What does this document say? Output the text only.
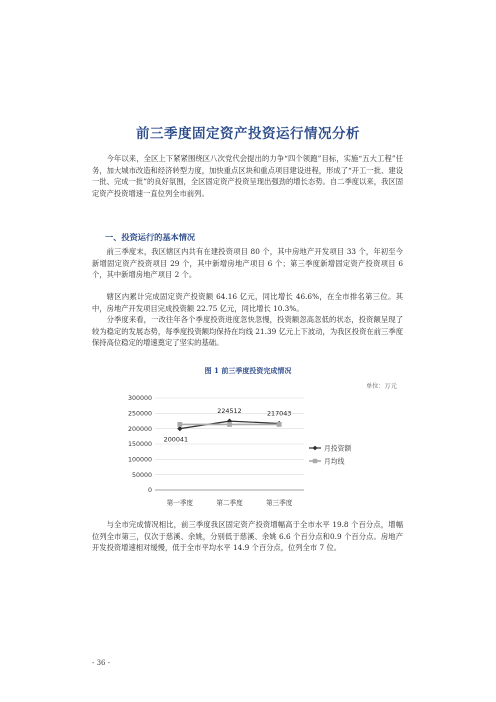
前三季度固定资产投资运行情况分析

今年以来，全区上下紧紧围绕区八次党代会提出的力争“四个领跑”目标，实施“五大工程”任务，加大城市改造和经济转型力度，加快重点区块和重点项目建设进程，形成了“开工一批、建设一批、完成一批”的良好氛围，全区固定资产投资呈现出强劲的增长态势。自二季度以来，我区固定资产投资增速一直位列全市前列。

一、投资运行的基本情况

前三季度末，我区辖区内共有在建投资项目 80 个，其中房地产开发项目 33 个，年初至今新增固定资产投资项目 29 个，其中新增房地产项目 6 个；第三季度新增固定资产投资项目 6 个，其中新增房地产项目 2 个。

辖区内累计完成固定资产投资额 64.16 亿元，同比增长 46.6%，在全市排名第三位。其中，房地产开发项目完成投资额 22.75 亿元，同比增长 10.3%。

分季度来看，一改往年各个季度投资进度忽快忽慢，投资额忽高忽低的状态，投资额呈现了较为稳定的发展态势，每季度投资额均保持在均线 21.39 亿元上下波动，为我区投资在前三季度保持高位稳定的增速奠定了坚实的基础。

图 1 前三季度投资完成情况
单位：万元
0
50000
100000
150000
200000
250000
300000
第一季度	第二季度	第三季度
200041
224512	217043
月投资额
月均线

与全市完成情况相比，前三季度我区固定资产投资增幅高于全市水平 19.8 个百分点，增幅位列全市第三，仅次于慈溪、余姚，分别低于慈溪、余姚 6.6 个百分点和0.9 个百分点。房地产开发投资增速相对缓慢，低于全市平均水平 14.9 个百分点，位列全市 7 位。

- 36 -
